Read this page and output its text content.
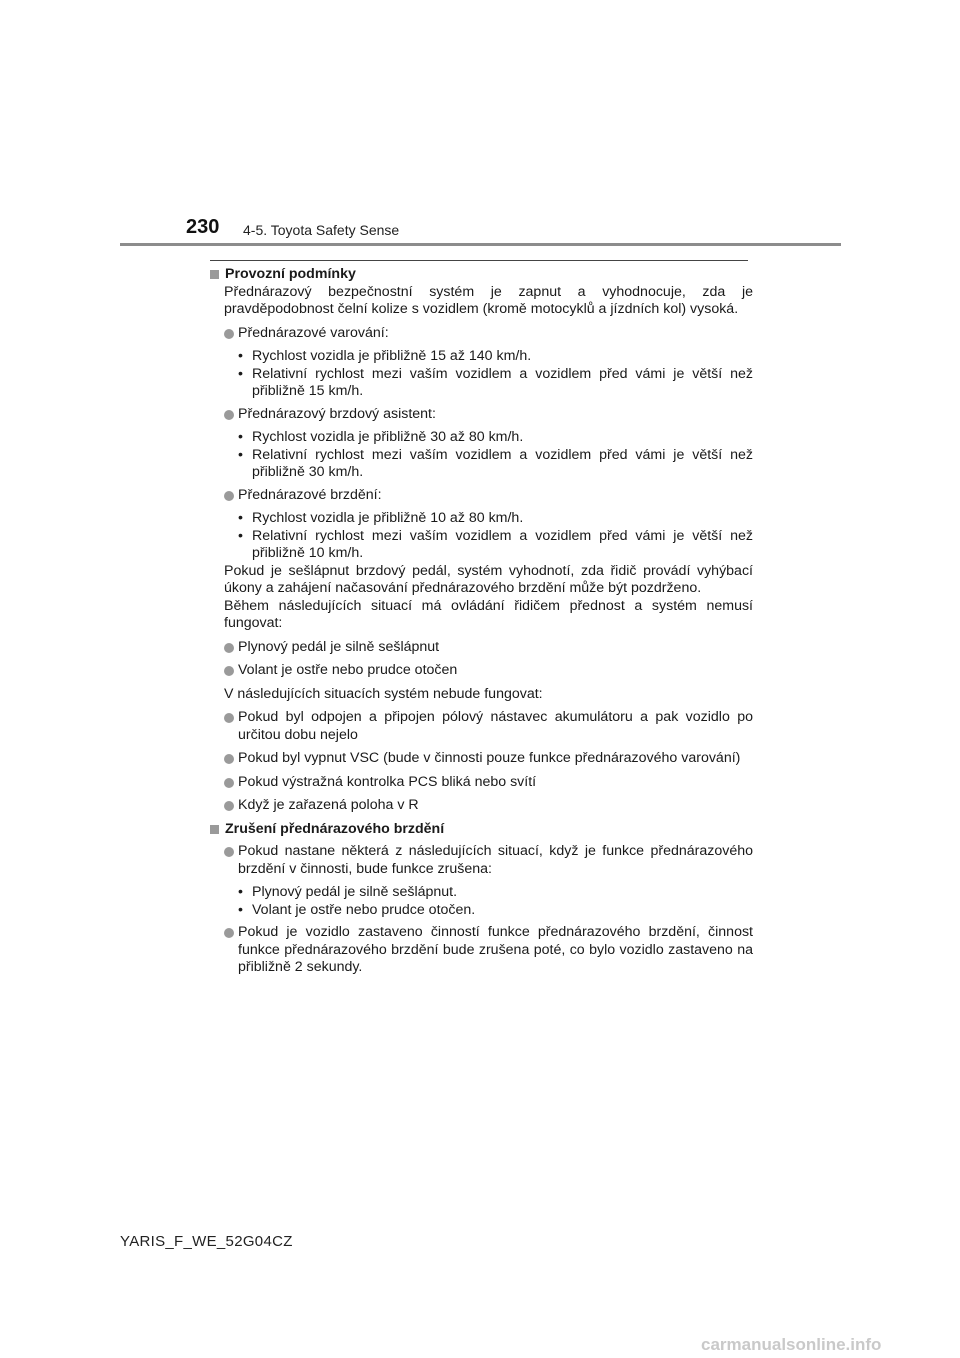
230 4-5. Toyota Safety Sense
Provozní podmínky
Přednárazový bezpečnostní systém je zapnut a vyhodnocuje, zda je pravděpodobnost čelní kolize s vozidlem (kromě motocyklů a jízdních kol) vysoká.
Přednárazové varování:
• Rychlost vozidla je přibližně 15 až 140 km/h.
• Relativní rychlost mezi vaším vozidlem a vozidlem před vámi je větší než přibližně 15 km/h.
Přednárazový brzdový asistent:
• Rychlost vozidla je přibližně 30 až 80 km/h.
• Relativní rychlost mezi vaším vozidlem a vozidlem před vámi je větší než přibližně 30 km/h.
Přednárazové brzdění:
• Rychlost vozidla je přibližně 10 až 80 km/h.
• Relativní rychlost mezi vaším vozidlem a vozidlem před vámi je větší než přibližně 10 km/h.
Pokud je sešlápnut brzdový pedál, systém vyhodnotí, zda řidič provádí vyhýbací úkony a zahájení načasování přednárazového brzdění může být pozdrženo.
Během následujících situací má ovládání řidičem přednost a systém nemusí fungovat:
Plynový pedál je silně sešlápnut
Volant je ostře nebo prudce otočen
V následujících situacích systém nebude fungovat:
Pokud byl odpojen a připojen pólový nástavec akumulátoru a pak vozidlo po určitou dobu nejelo
Pokud byl vypnut VSC (bude v činnosti pouze funkce přednárazového varování)
Pokud výstražná kontrolka PCS bliká nebo svítí
Když je zařazená poloha v R
Zrušení přednárazového brzdění
Pokud nastane některá z následujících situací, když je funkce přednárazového brzdění v činnosti, bude funkce zrušena:
• Plynový pedál je silně sešlápnut.
• Volant je ostře nebo prudce otočen.
Pokud je vozidlo zastaveno činností funkce přednárazového brzdění, činnost funkce přednárazového brzdění bude zrušena poté, co bylo vozidlo zastaveno na přibližně 2 sekundy.
YARIS_F_WE_52G04CZ
carmanualsonline.info
